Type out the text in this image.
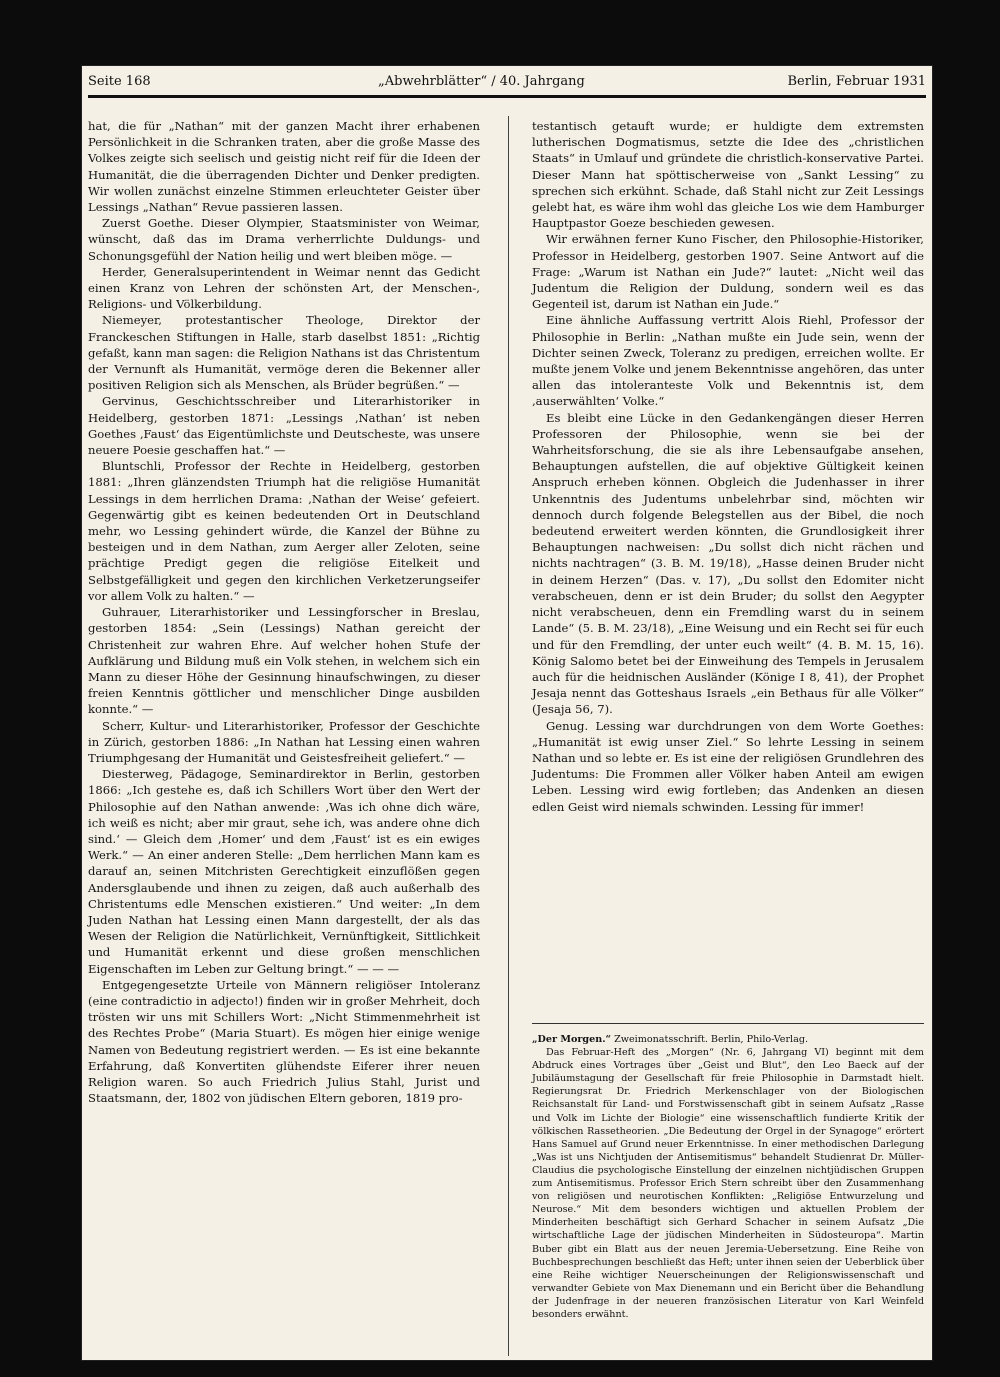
Seite 168	„Abwehrblätter“ / 40. Jahrgang	Berlin, Februar 1931

hat, die für „Nathan“ mit der ganzen Macht ihrer erhabenen Persönlichkeit in die Schranken traten, aber die große Masse des Volkes zeigte sich seelisch und geistig nicht reif für die Ideen der Humanität, die die überragenden Dichter und Denker predigten. Wir wollen zunächst einzelne Stimmen erleuchteter Geister über Lessings „Nathan“ Revue passieren lassen.

Zuerst Goethe. Dieser Olympier, Staatsminister von Weimar, wünscht, daß das im Drama verherrlichte Duldungs- und Schonungsgefühl der Nation heilig und wert bleiben möge. —

Herder, Generalsuperintendent in Weimar nennt das Gedicht einen Kranz von Lehren der schönsten Art, der Menschen-, Religions- und Völkerbildung.

Niemeyer, protestantischer Theologe, Direktor der Franckeschen Stiftungen in Halle, starb daselbst 1851: „Richtig gefaßt, kann man sagen: die Religion Nathans ist das Christentum der Vernunft als Humanität, vermöge deren die Bekenner aller positiven Religion sich als Menschen, als Brüder begrüßen.“ —

Gervinus, Geschichtsschreiber und Literarhistoriker in Heidelberg, gestorben 1871: „Lessings ‚Nathan‘ ist neben Goethes ‚Faust‘ das Eigentümlichste und Deutscheste, was unsere neuere Poesie geschaffen hat.“ —

Bluntschli, Professor der Rechte in Heidelberg, gestorben 1881: „Ihren glänzendsten Triumph hat die religiöse Humanität Lessings in dem herrlichen Drama: ‚Nathan der Weise‘ gefeiert. Gegenwärtig gibt es keinen bedeutenden Ort in Deutschland mehr, wo Lessing gehindert würde, die Kanzel der Bühne zu besteigen und in dem Nathan, zum Aerger aller Zeloten, seine prächtige Predigt gegen die religiöse Eitelkeit und Selbstgefälligkeit und gegen den kirchlichen Verketzerungseifer vor allem Volk zu halten.“ —

Guhrauer, Literarhistoriker und Lessingforscher in Breslau, gestorben 1854: „Sein (Lessings) Nathan gereicht der Christenheit zur wahren Ehre. Auf welcher hohen Stufe der Aufklärung und Bildung muß ein Volk stehen, in welchem sich ein Mann zu dieser Höhe der Gesinnung hinaufschwingen, zu dieser freien Kenntnis göttlicher und menschlicher Dinge ausbilden konnte.“ —

Scherr, Kultur- und Literarhistoriker, Professor der Geschichte in Zürich, gestorben 1886: „In Nathan hat Lessing einen wahren Triumphgesang der Humanität und Geistesfreiheit geliefert.“ —

Diesterweg, Pädagoge, Seminardirektor in Berlin, gestorben 1866: „Ich gestehe es, daß ich Schillers Wort über den Wert der Philosophie auf den Nathan anwende: ‚Was ich ohne dich wäre, ich weiß es nicht; aber mir graut, sehe ich, was andere ohne dich sind.‘ — Gleich dem ‚Homer‘ und dem ‚Faust‘ ist es ein ewiges Werk.“ — An einer anderen Stelle: „Dem herrlichen Mann kam es darauf an, seinen Mitchristen Gerechtigkeit einzuflößen gegen Andersglaubende und ihnen zu zeigen, daß auch außerhalb des Christentums edle Menschen existieren.“ Und weiter: „In dem Juden Nathan hat Lessing einen Mann dargestellt, der als das Wesen der Religion die Natürlichkeit, Vernünftigkeit, Sittlichkeit und Humanität erkennt und diese großen menschlichen Eigenschaften im Leben zur Geltung bringt.“ — — —

Entgegengesetzte Urteile von Männern religiöser Intoleranz (eine contradictio in adjecto!) finden wir in großer Mehrheit, doch trösten wir uns mit Schillers Wort: „Nicht Stimmenmehrheit ist des Rechtes Probe“ (Maria Stuart). Es mögen hier einige wenige Namen von Bedeutung registriert werden. — Es ist eine bekannte Erfahrung, daß Konvertiten glühendste Eiferer ihrer neuen Religion waren. So auch Friedrich Julius Stahl, Jurist und Staatsmann, der, 1802 von jüdischen Eltern geboren, 1819 pro-

testantisch getauft wurde; er huldigte dem extremsten lutherischen Dogmatismus, setzte die Idee des „christlichen Staats“ in Umlauf und gründete die christlich-konservative Partei. Dieser Mann hat spöttischerweise von „Sankt Lessing“ zu sprechen sich erkühnt. Schade, daß Stahl nicht zur Zeit Lessings gelebt hat, es wäre ihm wohl das gleiche Los wie dem Hamburger Hauptpastor Goeze beschieden gewesen.

Wir erwähnen ferner Kuno Fischer, den Philosophie-Historiker, Professor in Heidelberg, gestorben 1907. Seine Antwort auf die Frage: „Warum ist Nathan ein Jude?“ lautet: „Nicht weil das Judentum die Religion der Duldung, sondern weil es das Gegenteil ist, darum ist Nathan ein Jude.“

Eine ähnliche Auffassung vertritt Alois Riehl, Professor der Philosophie in Berlin: „Nathan mußte ein Jude sein, wenn der Dichter seinen Zweck, Toleranz zu predigen, erreichen wollte. Er mußte jenem Volke und jenem Bekenntnisse angehören, das unter allen das intoleranteste Volk und Bekenntnis ist, dem ‚auserwählten‘ Volke.“

Es bleibt eine Lücke in den Gedankengängen dieser Herren Professoren der Philosophie, wenn sie bei der Wahrheitsforschung, die sie als ihre Lebensaufgabe ansehen, Behauptungen aufstellen, die auf objektive Gültigkeit keinen Anspruch erheben können. Obgleich die Judenhasser in ihrer Unkenntnis des Judentums unbelehrbar sind, möchten wir dennoch durch folgende Belegstellen aus der Bibel, die noch bedeutend erweitert werden könnten, die Grundlosigkeit ihrer Behauptungen nachweisen: „Du sollst dich nicht rächen und nichts nachtragen“ (3. B. M. 19/18), „Hasse deinen Bruder nicht in deinem Herzen“ (Das. v. 17), „Du sollst den Edomiter nicht verabscheuen, denn er ist dein Bruder; du sollst den Aegypter nicht verabscheuen, denn ein Fremdling warst du in seinem Lande“ (5. B. M. 23/18), „Eine Weisung und ein Recht sei für euch und für den Fremdling, der unter euch weilt“ (4. B. M. 15, 16). König Salomo betet bei der Einweihung des Tempels in Jerusalem auch für die heidnischen Ausländer (Könige I 8, 41), der Prophet Jesaja nennt das Gotteshaus Israels „ein Bethaus für alle Völker“ (Jesaja 56, 7).

Genug. Lessing war durchdrungen von dem Worte Goethes: „Humanität ist ewig unser Ziel.“ So lehrte Lessing in seinem Nathan und so lebte er. Es ist eine der religiösen Grundlehren des Judentums: Die Frommen aller Völker haben Anteil am ewigen Leben. Lessing wird ewig fortleben; das Andenken an diesen edlen Geist wird niemals schwinden. Lessing für immer!

„Der Morgen.“ Zweimonatsschrift. Berlin, Philo-Verlag.

Das Februar-Heft des „Morgen“ (Nr. 6, Jahrgang VI) beginnt mit dem Abdruck eines Vortrages über „Geist und Blut“, den Leo Baeck auf der Jubiläumstagung der Gesellschaft für freie Philosophie in Darmstadt hielt. Regierungsrat Dr. Friedrich Merkenschlager von der Biologischen Reichsanstalt für Land- und Forstwissenschaft gibt in seinem Aufsatz „Rasse und Volk im Lichte der Biologie“ eine wissenschaftlich fundierte Kritik der völkischen Rassetheorien. „Die Bedeutung der Orgel in der Synagoge“ erörtert Hans Samuel auf Grund neuer Erkenntnisse. In einer methodischen Darlegung „Was ist uns Nichtjuden der Antisemitismus“ behandelt Studienrat Dr. Müller-Claudius die psychologische Einstellung der einzelnen nichtjüdischen Gruppen zum Antisemitismus. Professor Erich Stern schreibt über den Zusammenhang von religiösen und neurotischen Konflikten: „Religiöse Entwurzelung und Neurose.“ Mit dem besonders wichtigen und aktuellen Problem der Minderheiten beschäftigt sich Gerhard Schacher in seinem Aufsatz „Die wirtschaftliche Lage der jüdischen Minderheiten in Südosteuropa“. Martin Buber gibt ein Blatt aus der neuen Jeremia-Uebersetzung. Eine Reihe von Buchbesprechungen beschließt das Heft; unter ihnen seien der Ueberblick über eine Reihe wichtiger Neuerscheinungen der Religionswissenschaft und verwandter Gebiete von Max Dienemann und ein Bericht über die Behandlung der Judenfrage in der neueren französischen Literatur von Karl Weinfeld besonders erwähnt.
